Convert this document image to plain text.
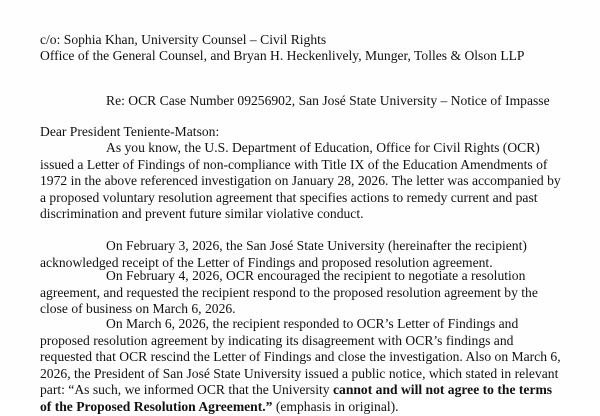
c/o: Sophia Khan, University Counsel – Civil Rights

Office of the General Counsel, and Bryan H. Heckenlively, Munger, Tolles & Olson LLP

Re: OCR Case Number 09256902, San José State University – Notice of Impasse

Dear President Teniente-Matson:

As you know, the U.S. Department of Education, Office for Civil Rights (OCR) issued a Letter of Findings of non-compliance with Title IX of the Education Amendments of 1972 in the above referenced investigation on January 28, 2026. The letter was accompanied by a proposed voluntary resolution agreement that specifies actions to remedy current and past discrimination and prevent future similar violative conduct.

On February 3, 2026, the San José State University (hereinafter the recipient) acknowledged receipt of the Letter of Findings and proposed resolution agreement.

On February 4, 2026, OCR encouraged the recipient to negotiate a resolution agreement, and requested the recipient respond to the proposed resolution agreement by the close of business on March 6, 2026.

On March 6, 2026, the recipient responded to OCR’s Letter of Findings and proposed resolution agreement by indicating its disagreement with OCR’s findings and requested that OCR rescind the Letter of Findings and close the investigation. Also on March 6, 2026, the President of San José State University issued a public notice, which stated in relevant part: “As such, we informed OCR that the University cannot and will not agree to the terms of the Proposed Resolution Agreement.” (emphasis in original).
